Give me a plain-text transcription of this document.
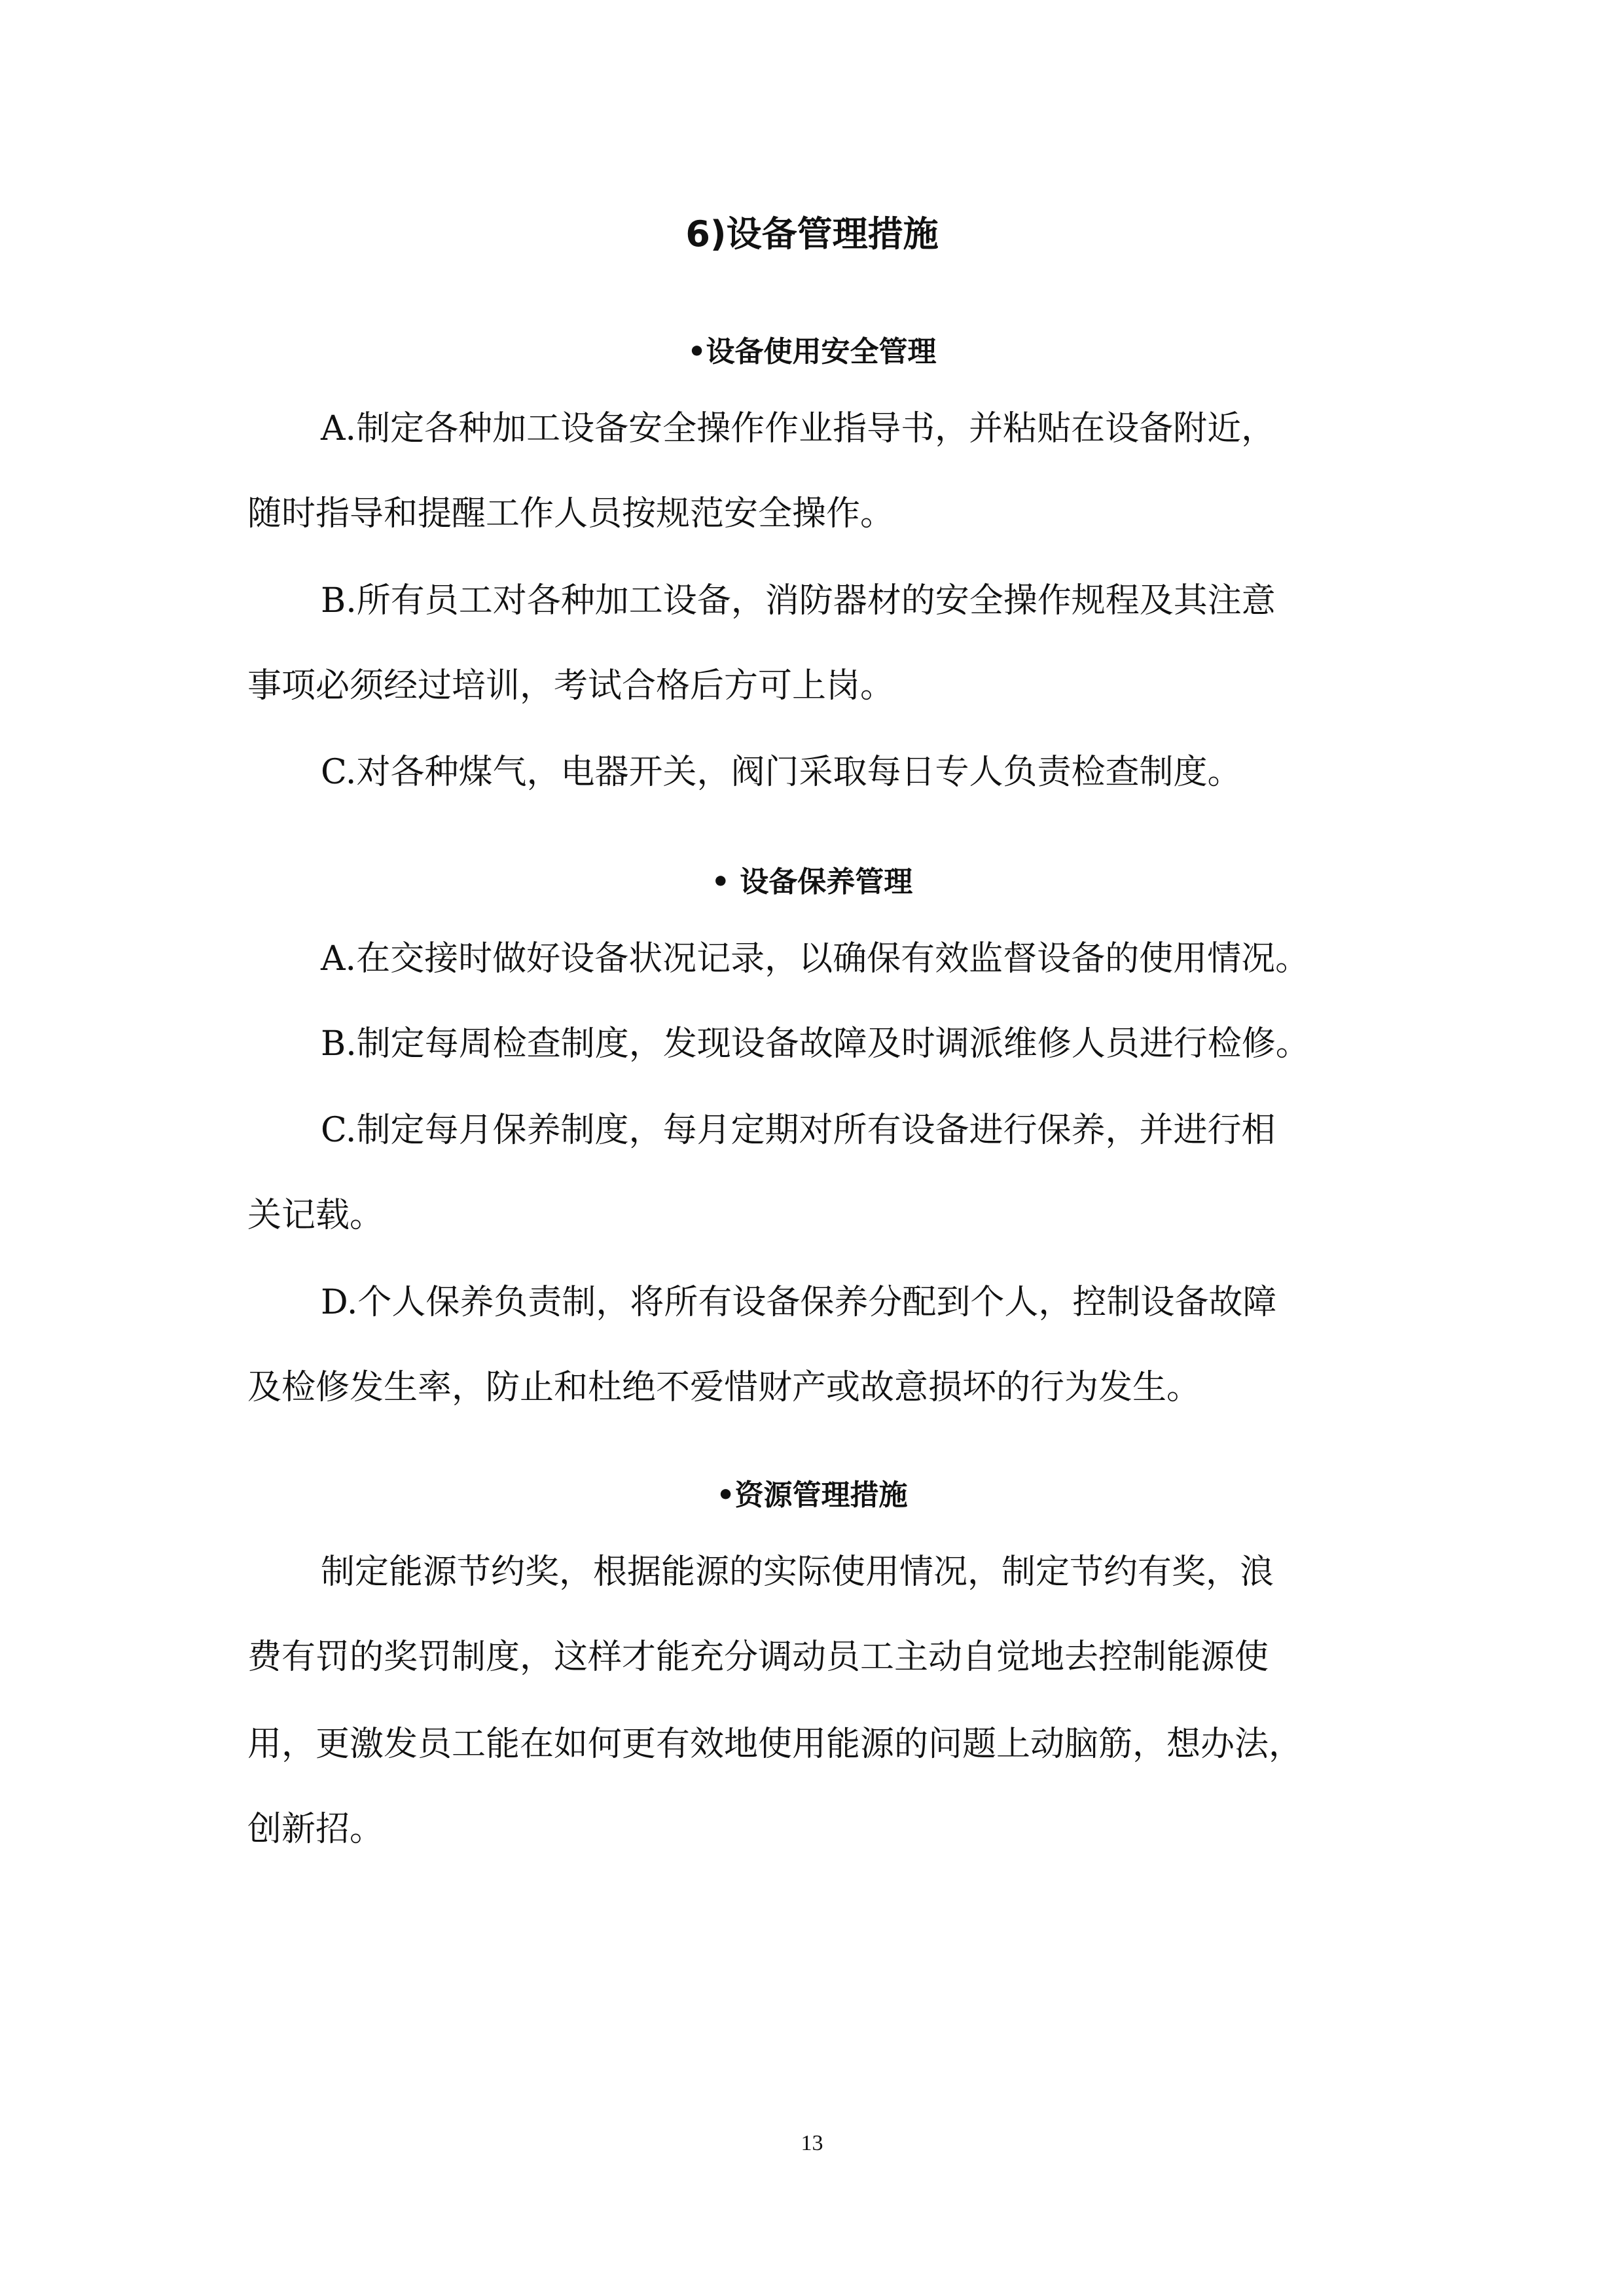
6)设备管理措施
•设备使用安全管理
A.制定各种加工设备安全操作作业指导书，并粘贴在设备附近，
随时指导和提醒工作人员按规范安全操作。
B.所有员工对各种加工设备，消防器材的安全操作规程及其注意
事项必须经过培训，考试合格后方可上岗。
C.对各种煤气，电器开关，阀门采取每日专人负责检查制度。
• 设备保养管理
A.在交接时做好设备状况记录，以确保有效监督设备的使用情况。
B.制定每周检查制度，发现设备故障及时调派维修人员进行检修。
C.制定每月保养制度，每月定期对所有设备进行保养，并进行相
关记载。
D.个人保养负责制，将所有设备保养分配到个人，控制设备故障
及检修发生率，防止和杜绝不爱惜财产或故意损坏的行为发生。
•资源管理措施
制定能源节约奖，根据能源的实际使用情况，制定节约有奖，浪
费有罚的奖罚制度，这样才能充分调动员工主动自觉地去控制能源使
用，更激发员工能在如何更有效地使用能源的问题上动脑筋，想办法，
创新招。
13
